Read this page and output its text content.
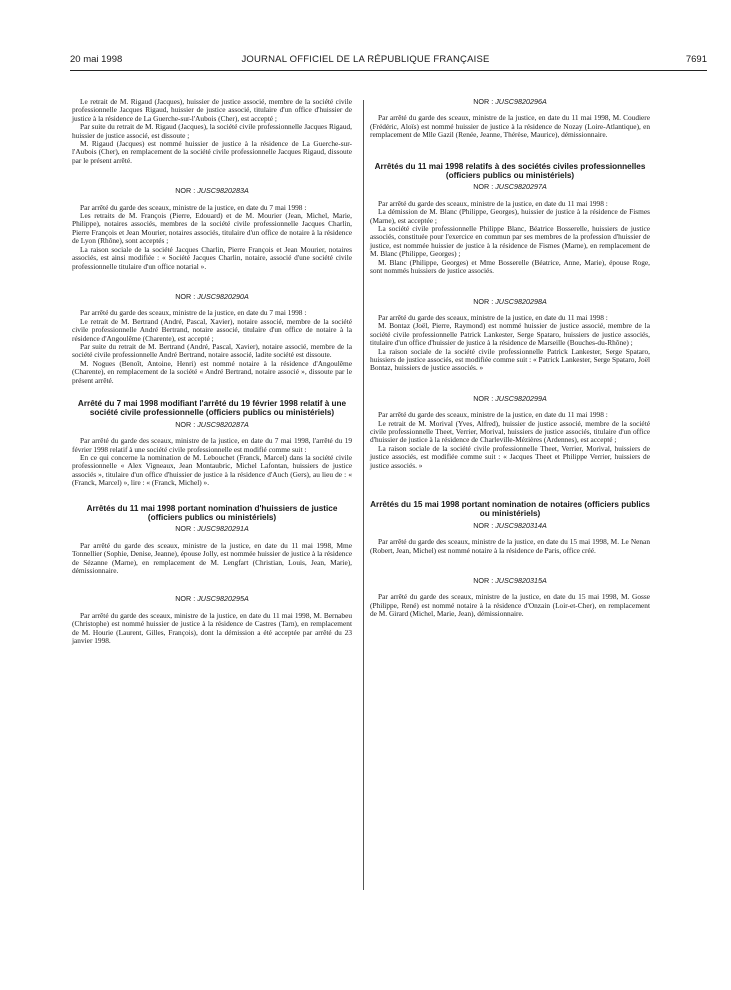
20 mai 1998	JOURNAL OFFICIEL DE LA RÉPUBLIQUE FRANÇAISE	7691

Le retrait de M. Rigaud (Jacques), huissier de justice associé, membre de la société civile professionnelle Jacques Rigaud, huissier de justice associé, titulaire d'un office d'huissier de justice à la résidence de La Guerche-sur-l'Aubois (Cher), est accepté ;

Par suite du retrait de M. Rigaud (Jacques), la société civile professionnelle Jacques Rigaud, huissier de justice associé, est dissoute ;

M. Rigaud (Jacques) est nommé huissier de justice à la résidence de La Guerche-sur-l'Aubois (Cher), en remplacement de la société civile professionnelle Jacques Rigaud, dissoute par le présent arrêté.

NOR : JUSC9820283A

Par arrêté du garde des sceaux, ministre de la justice, en date du 7 mai 1998 :

Les retraits de M. François (Pierre, Edouard) et de M. Mourier (Jean, Michel, Marie, Philippe), notaires associés, membres de la société civile professionnelle Jacques Charlin, Pierre François et Jean Mourier, notaires associés, titulaire d'un office de notaire à la résidence de Lyon (Rhône), sont acceptés ;

La raison sociale de la société Jacques Charlin, Pierre François et Jean Mourier, notaires associés, est ainsi modifiée : « Société Jacques Charlin, notaire, associé d'une société civile professionnelle titulaire d'un office notarial ».

NOR : JUSC9820290A

Par arrêté du garde des sceaux, ministre de la justice, en date du 7 mai 1998 :

Le retrait de M. Bertrand (André, Pascal, Xavier), notaire associé, membre de la société civile professionnelle André Bertrand, notaire associé, titulaire d'un office de notaire à la résidence d'Angoulême (Charente), est accepté ;

Par suite du retrait de M. Bertrand (André, Pascal, Xavier), notaire associé, membre de la société civile professionnelle André Bertrand, notaire associé, ladite société est dissoute.

M. Nogues (Benoît, Antoine, Henri) est nommé notaire à la résidence d'Angoulême (Charente), en remplacement de la société « André Bertrand, notaire associé », dissoute par le présent arrêté.

Arrêté du 7 mai 1998 modifiant l'arrêté du 19 février 1998 relatif à une société civile professionnelle (officiers publics ou ministériels)

NOR : JUSC9820287A

Par arrêté du garde des sceaux, ministre de la justice, en date du 7 mai 1998, l'arrêté du 19 février 1998 relatif à une société civile professionnelle est modifié comme suit :

En ce qui concerne la nomination de M. Lebouchet (Franck, Marcel) dans la société civile professionnelle « Alex Vigneaux, Jean Montaubric, Michel Lafontan, huissiers de justice associés », titulaire d'un office d'huissier de justice à la résidence d'Auch (Gers), au lieu de : « (Franck, Marcel) », lire : « (Franck, Michel) ».

Arrêtés du 11 mai 1998 portant nomination d'huissiers de justice (officiers publics ou ministériels)

NOR : JUSC9820291A

Par arrêté du garde des sceaux, ministre de la justice, en date du 11 mai 1998, Mme Tonnellier (Sophie, Denise, Jeanne), épouse Jolly, est nommée huissier de justice à la résidence de Sézanne (Marne), en remplacement de M. Lengfart (Christian, Louis, Jean, Marie), démissionnaire.

NOR : JUSC9820295A

Par arrêté du garde des sceaux, ministre de la justice, en date du 11 mai 1998, M. Bernabeu (Christophe) est nommé huissier de justice à la résidence de Castres (Tarn), en remplacement de M. Hourie (Laurent, Gilles, François), dont la démission a été acceptée par arrêté du 23 janvier 1998.

NOR : JUSC9820296A

Par arrêté du garde des sceaux, ministre de la justice, en date du 11 mai 1998, M. Coudiere (Frédéric, Aloïs) est nommé huissier de justice à la résidence de Nozay (Loire-Atlantique), en remplacement de Mlle Gazil (Renée, Jeanne, Thérèse, Maurice), démissionnaire.

Arrêtés du 11 mai 1998 relatifs à des sociétés civiles professionnelles (officiers publics ou ministériels)

NOR : JUSC9820297A

Par arrêté du garde des sceaux, ministre de la justice, en date du 11 mai 1998 :

La démission de M. Blanc (Philippe, Georges), huissier de justice à la résidence de Fismes (Marne), est acceptée ;

La société civile professionnelle Philippe Blanc, Béatrice Bosserelle, huissiers de justice associés, constituée pour l'exercice en commun par ses membres de la profession d'huissier de justice, est nommée huissier de justice à la résidence de Fismes (Marne), en remplacement de M. Blanc (Philippe, Georges) ;

M. Blanc (Philippe, Georges) et Mme Bosserelle (Béatrice, Anne, Marie), épouse Roge, sont nommés huissiers de justice associés.

NOR : JUSC9820298A

Par arrêté du garde des sceaux, ministre de la justice, en date du 11 mai 1998 :

M. Bontaz (Joël, Pierre, Raymond) est nommé huissier de justice associé, membre de la société civile professionnelle Patrick Lankester, Serge Spataro, huissiers de justice associés, titulaire d'un office d'huissier de justice à la résidence de Marseille (Bouches-du-Rhône) ;

La raison sociale de la société civile professionnelle Patrick Lankester, Serge Spataro, huissiers de justice associés, est modifiée comme suit : « Patrick Lankester, Serge Spataro, Joël Bontaz, huissiers de justice associés. »

NOR : JUSC9820299A

Par arrêté du garde des sceaux, ministre de la justice, en date du 11 mai 1998 :

Le retrait de M. Morival (Yves, Alfred), huissier de justice associé, membre de la société civile professionnelle Theet, Verrier, Morival, huissiers de justice associés, titulaire d'un office d'huissier de justice à la résidence de Charleville-Mézières (Ardennes), est accepté ;

La raison sociale de la société civile professionnelle Theet, Verrier, Morival, huissiers de justice associés, est modifiée comme suit : « Jacques Theet et Philippe Verrier, huissiers de justice associés. »

Arrêtés du 15 mai 1998 portant nomination de notaires (officiers publics ou ministériels)

NOR : JUSC9820314A

Par arrêté du garde des sceaux, ministre de la justice, en date du 15 mai 1998, M. Le Nenan (Robert, Jean, Michel) est nommé notaire à la résidence de Paris, office créé.

NOR : JUSC9820315A

Par arrêté du garde des sceaux, ministre de la justice, en date du 15 mai 1998, M. Gosse (Philippe, René) est nommé notaire à la résidence d'Onzain (Loir-et-Cher), en remplacement de M. Girard (Michel, Marie, Jean), démissionnaire.
